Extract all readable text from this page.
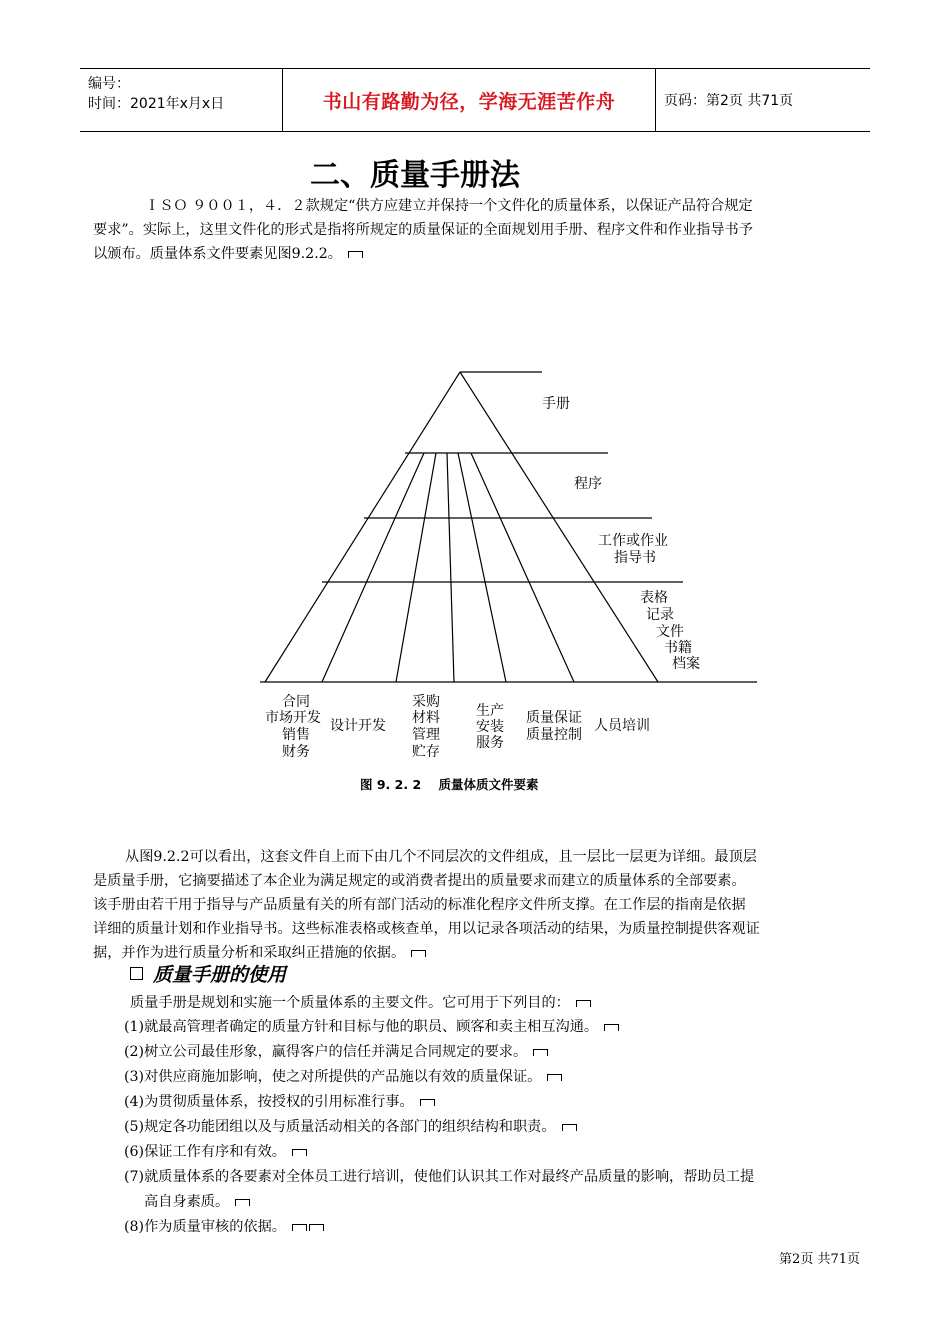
编号：
时间：2021年x月x日	书山有路勤为径，学海无涯苦作舟	页码：第2页 共71页
二、质量手册法
ＩＳＯ ９００１，４．２款规定“供方应建立并保持一个文件化的质量体系，以保证产品符合规定
要求”。实际上，这里文件化的形式是指将所规定的质量保证的全面规划用手册、程序文件和作业指导书予
以颁布。质量体系文件要素见图9.2.2。
手册
程序
工作或作业
指导书
表格
记录
文件
书籍
档案
合同
市场开发
销售
财务
设计开发
采购
材料
管理
贮存
生产
安装
服务
质量保证
质量控制
人员培训
图 9. 2. 2    质量体质文件要素
从图9.2.2可以看出，这套文件自上而下由几个不同层次的文件组成，且一层比一层更为详细。最顶层
是质量手册，它摘要描述了本企业为满足规定的或消费者提出的质量要求而建立的质量体系的全部要素。
该手册由若干用于指导与产品质量有关的所有部门活动的标准化程序文件所支撑。在工作层的指南是依据
详细的质量计划和作业指导书。这些标准表格或核查单，用以记录各项活动的结果，为质量控制提供客观证
据，并作为进行质量分析和采取纠正措施的依据。
质量手册的使用
质量手册是规划和实施一个质量体系的主要文件。它可用于下列目的：
(1)就最高管理者确定的质量方针和目标与他的职员、顾客和卖主相互沟通。
(2)树立公司最佳形象，赢得客户的信任并满足合同规定的要求。
(3)对供应商施加影响，使之对所提供的产品施以有效的质量保证。
(4)为贯彻质量体系，按授权的引用标准行事。
(5)规定各功能团组以及与质量活动相关的各部门的组织结构和职责。
(6)保证工作有序和有效。
(7)就质量体系的各要素对全体员工进行培训，使他们认识其工作对最终产品质量的影响，帮助员工提
高自身素质。
(8)作为质量审核的依据。
第2页 共71页
